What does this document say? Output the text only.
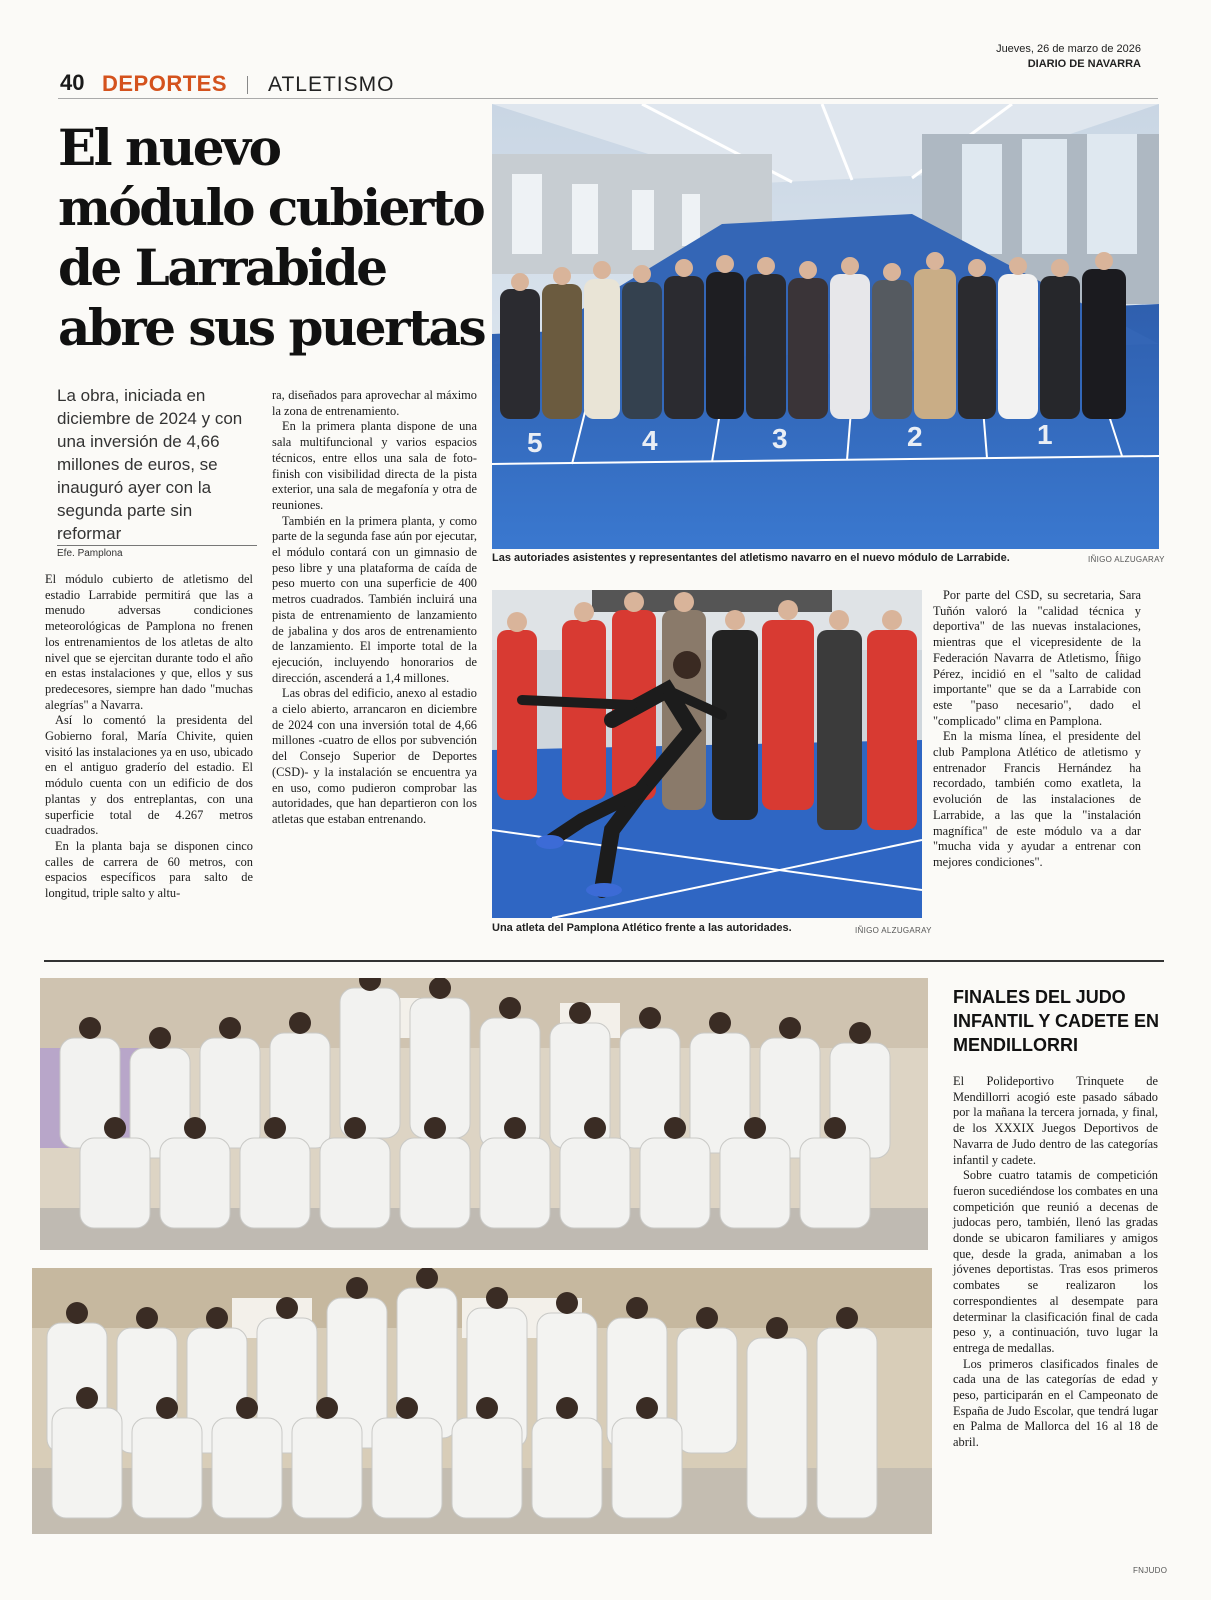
40 DEPORTES ATLETISMO
Jueves, 26 de marzo de 2026
DIARIO DE NAVARRA
El nuevo módulo cubierto de Larrabide abre sus puertas
La obra, iniciada en diciembre de 2024 y con una inversión de 4,66 millones de euros, se inauguró ayer con la segunda parte sin reformar
Efe. Pamplona

El módulo cubierto de atletismo del estadio Larrabide permitirá que las a menudo adversas condiciones meteorológicas de Pamplona no frenen los entrenamientos de los atletas de alto nivel que se ejercitan durante todo el año en estas instalaciones y que, ellos y sus predecesores, siempre han dado "muchas alegrías" a Navarra.

Así lo comentó la presidenta del Gobierno foral, María Chivite, quien visitó las instalaciones ya en uso, ubicado en el antiguo graderío del estadio. El módulo cuenta con un edificio de dos plantas y dos entreplantas, con una superficie total de 4.267 metros cuadrados.

En la planta baja se disponen cinco calles de carrera de 60 metros, con espacios específicos para salto de longitud, triple salto y altu-

ra, diseñados para aprovechar al máximo la zona de entrenamiento.

En la primera planta dispone de una sala multifuncional y varios espacios técnicos, entre ellos una sala de foto-finish con visibilidad directa de la pista exterior, una sala de megafonía y otra de reuniones.

También en la primera planta, y como parte de la segunda fase aún por ejecutar, el módulo contará con un gimnasio de peso libre y una plataforma de caída de peso muerto con una superficie de 400 metros cuadrados. También incluirá una pista de entrenamiento de lanzamiento de jabalina y dos aros de entrenamiento de lanzamiento. El importe total de la ejecución, incluyendo honorarios de dirección, ascenderá a 1,4 millones.

Las obras del edificio, anexo al estadio a cielo abierto, arrancaron en diciembre de 2024 con una inversión total de 4,66 millones -cuatro de ellos por subvención del Consejo Superior de Deportes (CSD)- y la instalación se encuentra ya en uso, como pudieron comprobar las autoridades, que han departieron con los atletas que estaban entrenando.

Por parte del CSD, su secretaria, Sara Tuñón valoró la "calidad técnica y deportiva" de las nuevas instalaciones, mientras que el vicepresidente de la Federación Navarra de Atletismo, Íñigo Pérez, incidió en el "salto de calidad importante" que se da a Larrabide con este "paso necesario", dado el "complicado" clima en Pamplona.

En la misma línea, el presidente del club Pamplona Atlético de atletismo y entrenador Francis Hernández ha recordado, también como exatleta, la evolución de las instalaciones de Larrabide, a las que la "instalación magnífica" de este módulo va a dar "mucha vida y ayudar a entrenar con mejores condiciones".

5	4	3	2	1
Las autoriades asistentes y representantes del atletismo navarro en el nuevo módulo de Larrabide.	IÑIGO ALZUGARAY
Una atleta del Pamplona Atlético frente a las autoridades.	IÑIGO ALZUGARAY
FINALES DEL JUDO INFANTIL Y CADETE EN MENDILLORRI

El Polideportivo Trinquete de Mendillorri acogió este pasado sábado por la mañana la tercera jornada, y final, de los XXXIX Juegos Deportivos de Navarra de Judo dentro de las categorías infantil y cadete.

Sobre cuatro tatamis de competición fueron sucediéndose los combates en una competición que reunió a decenas de judocas pero, también, llenó las gradas donde se ubicaron familiares y amigos que, desde la grada, animaban a los jóvenes deportistas. Tras esos primeros combates se realizaron los correspondientes al desempate para determinar la clasificación final de cada peso y, a continuación, tuvo lugar la entrega de medallas.

Los primeros clasificados finales de cada una de las categorías de edad y peso, participarán en el Campeonato de España de Judo Escolar, que tendrá lugar en Palma de Mallorca del 16 al 18 de abril.

FNJUDO
